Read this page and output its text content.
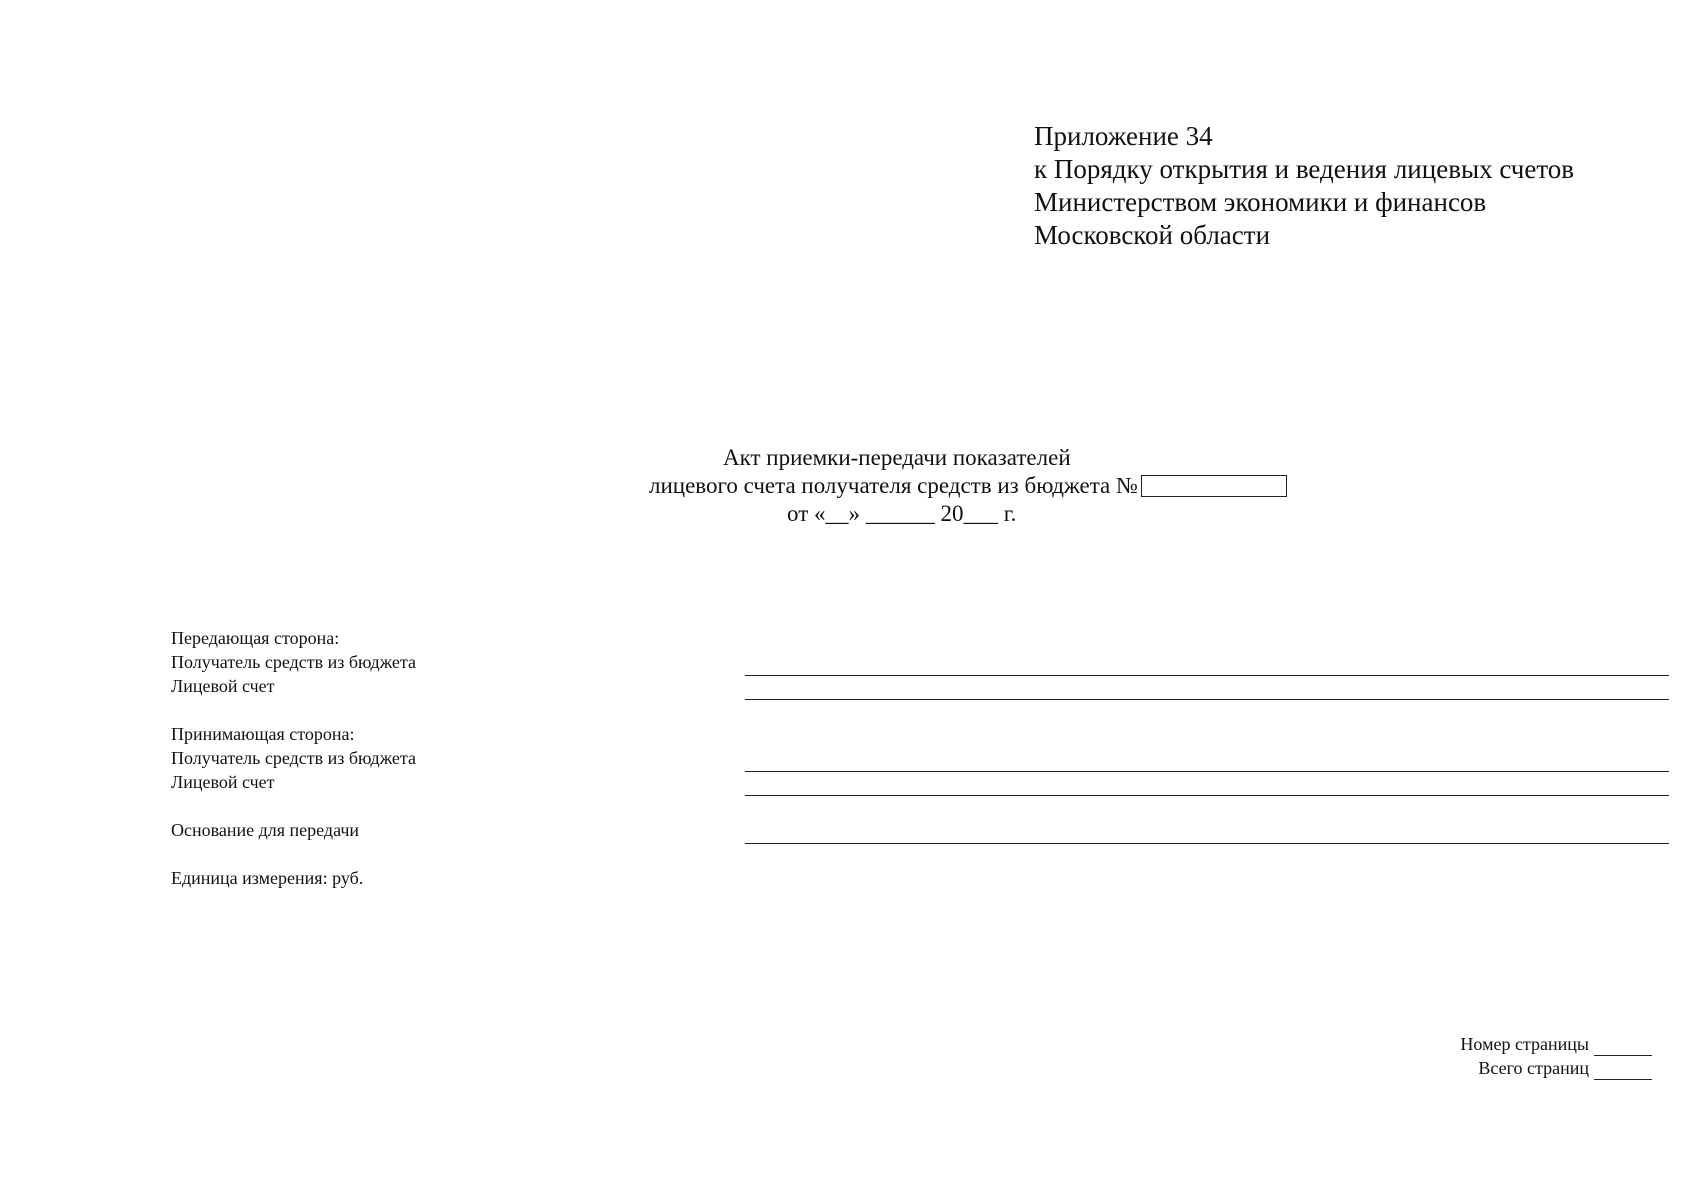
Приложение 34
к Порядку открытия и ведения лицевых счетов
Министерством экономики и финансов
Московской области
Акт приемки-передачи показателей
лицевого счета получателя средств из бюджета №
от «__» ______ 20___ г.
Передающая сторона:
Получатель средств из бюджета
Лицевой счет
Принимающая сторона:
Получатель средств из бюджета
Лицевой счет
Основание для передачи
Единица измерения: руб.
Номер страницы
Всего страниц
